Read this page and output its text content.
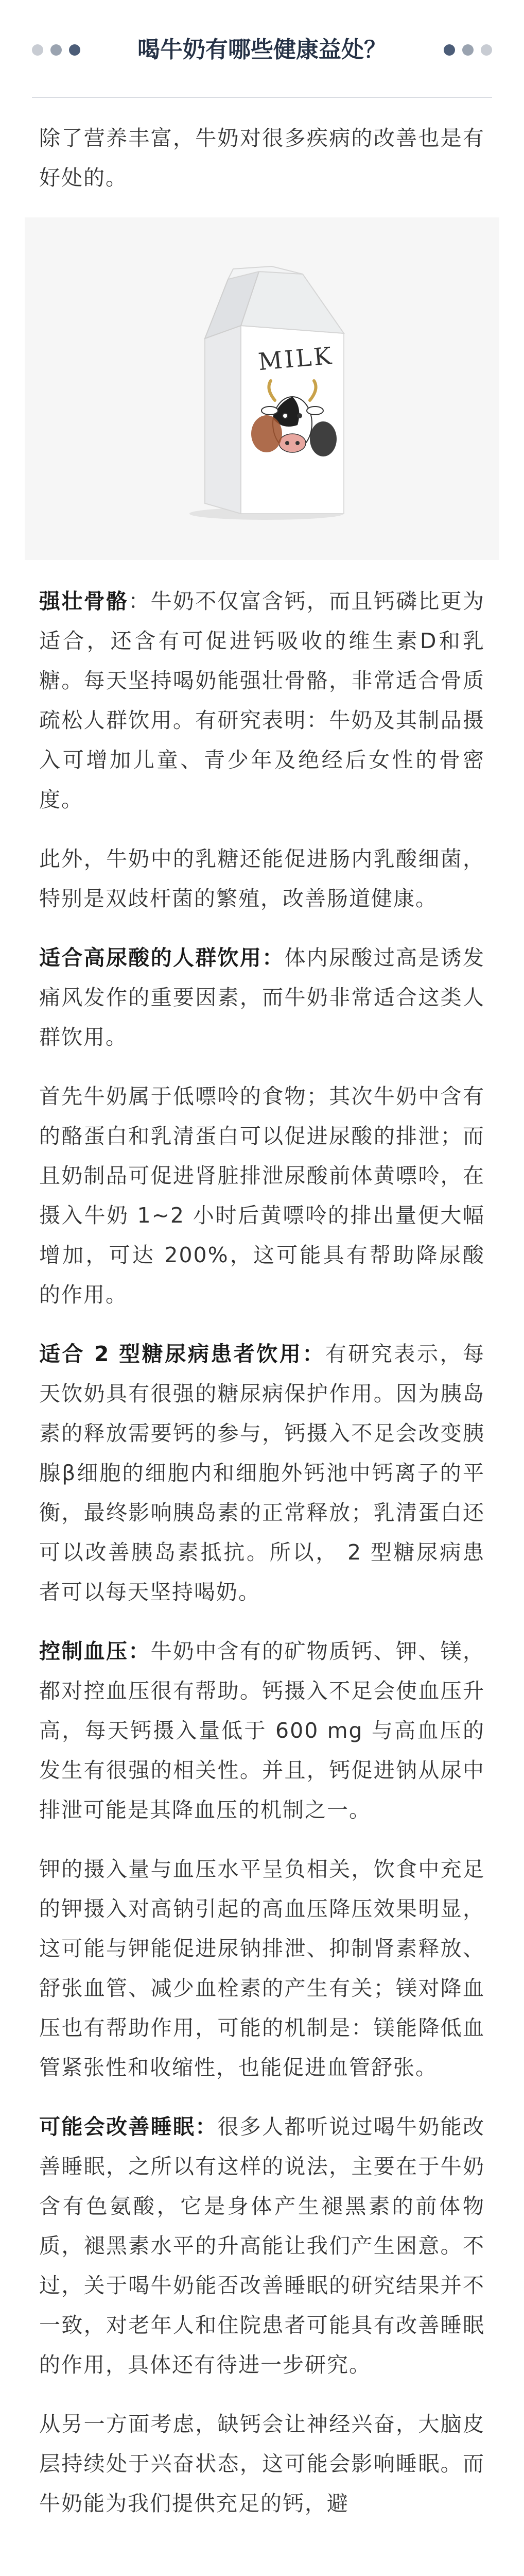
喝牛奶有哪些健康益处？

除了营养丰富，牛奶对很多疾病的改善也是有好处的。

MILK

强壮骨骼：牛奶不仅富含钙，而且钙磷比更为适合，还含有可促进钙吸收的维生素D和乳糖。每天坚持喝奶能强壮骨骼，非常适合骨质疏松人群饮用。有研究表明：牛奶及其制品摄入可增加儿童、青少年及绝经后女性的骨密度。

此外，牛奶中的乳糖还能促进肠内乳酸细菌，特别是双歧杆菌的繁殖，改善肠道健康。

适合高尿酸的人群饮用：体内尿酸过高是诱发痛风发作的重要因素，而牛奶非常适合这类人群饮用。

首先牛奶属于低嘌呤的食物；其次牛奶中含有的酪蛋白和乳清蛋白可以促进尿酸的排泄；而且奶制品可促进肾脏排泄尿酸前体黄嘌呤，在摄入牛奶 1~2 小时后黄嘌呤的排出量便大幅增加，可达 200%，这可能具有帮助降尿酸的作用。

适合 2 型糖尿病患者饮用：有研究表示，每天饮奶具有很强的糖尿病保护作用。因为胰岛素的释放需要钙的参与，钙摄入不足会改变胰腺β细胞的细胞内和细胞外钙池中钙离子的平衡，最终影响胰岛素的正常释放；乳清蛋白还可以改善胰岛素抵抗。所以， 2 型糖尿病患者可以每天坚持喝奶。

控制血压：牛奶中含有的矿物质钙、钾、镁，都对控血压很有帮助。钙摄入不足会使血压升高，每天钙摄入量低于 600 mg 与高血压的发生有很强的相关性。并且，钙促进钠从尿中排泄可能是其降血压的机制之一。

钾的摄入量与血压水平呈负相关，饮食中充足的钾摄入对高钠引起的高血压降压效果明显，这可能与钾能促进尿钠排泄、抑制肾素释放、舒张血管、减少血栓素的产生有关；镁对降血压也有帮助作用，可能的机制是：镁能降低血管紧张性和收缩性，也能促进血管舒张。

可能会改善睡眠：很多人都听说过喝牛奶能改善睡眠，之所以有这样的说法，主要在于牛奶含有色氨酸，它是身体产生褪黑素的前体物质，褪黑素水平的升高能让我们产生困意。不过，关于喝牛奶能否改善睡眠的研究结果并不一致，对老年人和住院患者可能具有改善睡眠的作用，具体还有待进一步研究。

从另一方面考虑，缺钙会让神经兴奋，大脑皮层持续处于兴奋状态，这可能会影响睡眠。而牛奶能为我们提供充足的钙，避
